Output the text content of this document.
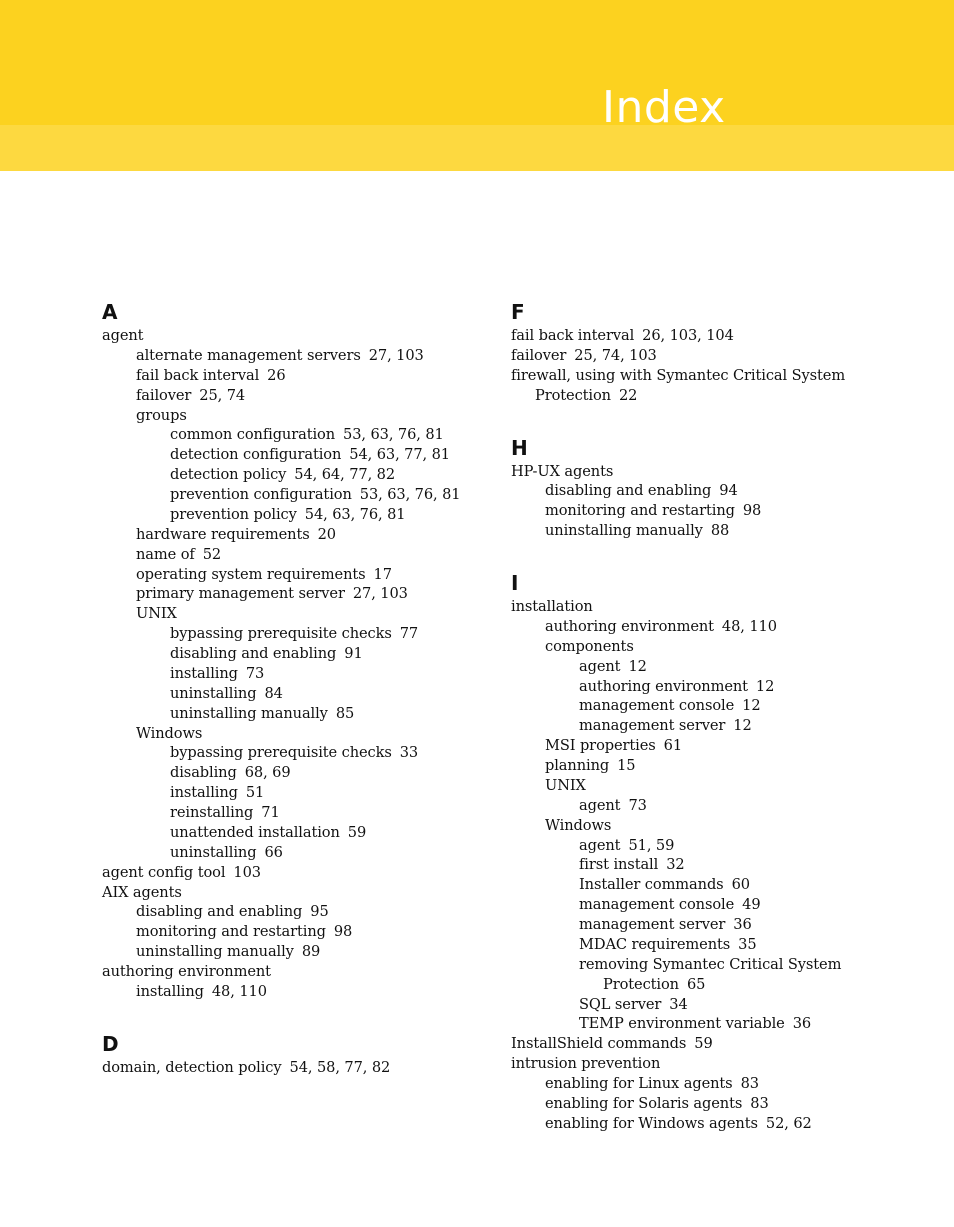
Index
A
agent
alternate management servers 27, 103
fail back interval 26
failover 25, 74
groups
common configuration 53, 63, 76, 81
detection configuration 54, 63, 77, 81
detection policy 54, 64, 77, 82
prevention configuration 53, 63, 76, 81
prevention policy 54, 63, 76, 81
hardware requirements 20
name of 52
operating system requirements 17
primary management server 27, 103
UNIX
bypassing prerequisite checks 77
disabling and enabling 91
installing 73
uninstalling 84
uninstalling manually 85
Windows
bypassing prerequisite checks 33
disabling 68, 69
installing 51
reinstalling 71
unattended installation 59
uninstalling 66
agent config tool 103
AIX agents
disabling and enabling 95
monitoring and restarting 98
uninstalling manually 89
authoring environment
installing 48, 110
D
domain, detection policy 54, 58, 77, 82
F
fail back interval 26, 103, 104
failover 25, 74, 103
firewall, using with Symantec Critical System
Protection 22
H
HP-UX agents
disabling and enabling 94
monitoring and restarting 98
uninstalling manually 88
I
installation
authoring environment 48, 110
components
agent 12
authoring environment 12
management console 12
management server 12
MSI properties 61
planning 15
UNIX
agent 73
Windows
agent 51, 59
first install 32
Installer commands 60
management console 49
management server 36
MDAC requirements 35
removing Symantec Critical System
Protection 65
SQL server 34
TEMP environment variable 36
InstallShield commands 59
intrusion prevention
enabling for Linux agents 83
enabling for Solaris agents 83
enabling for Windows agents 52, 62
